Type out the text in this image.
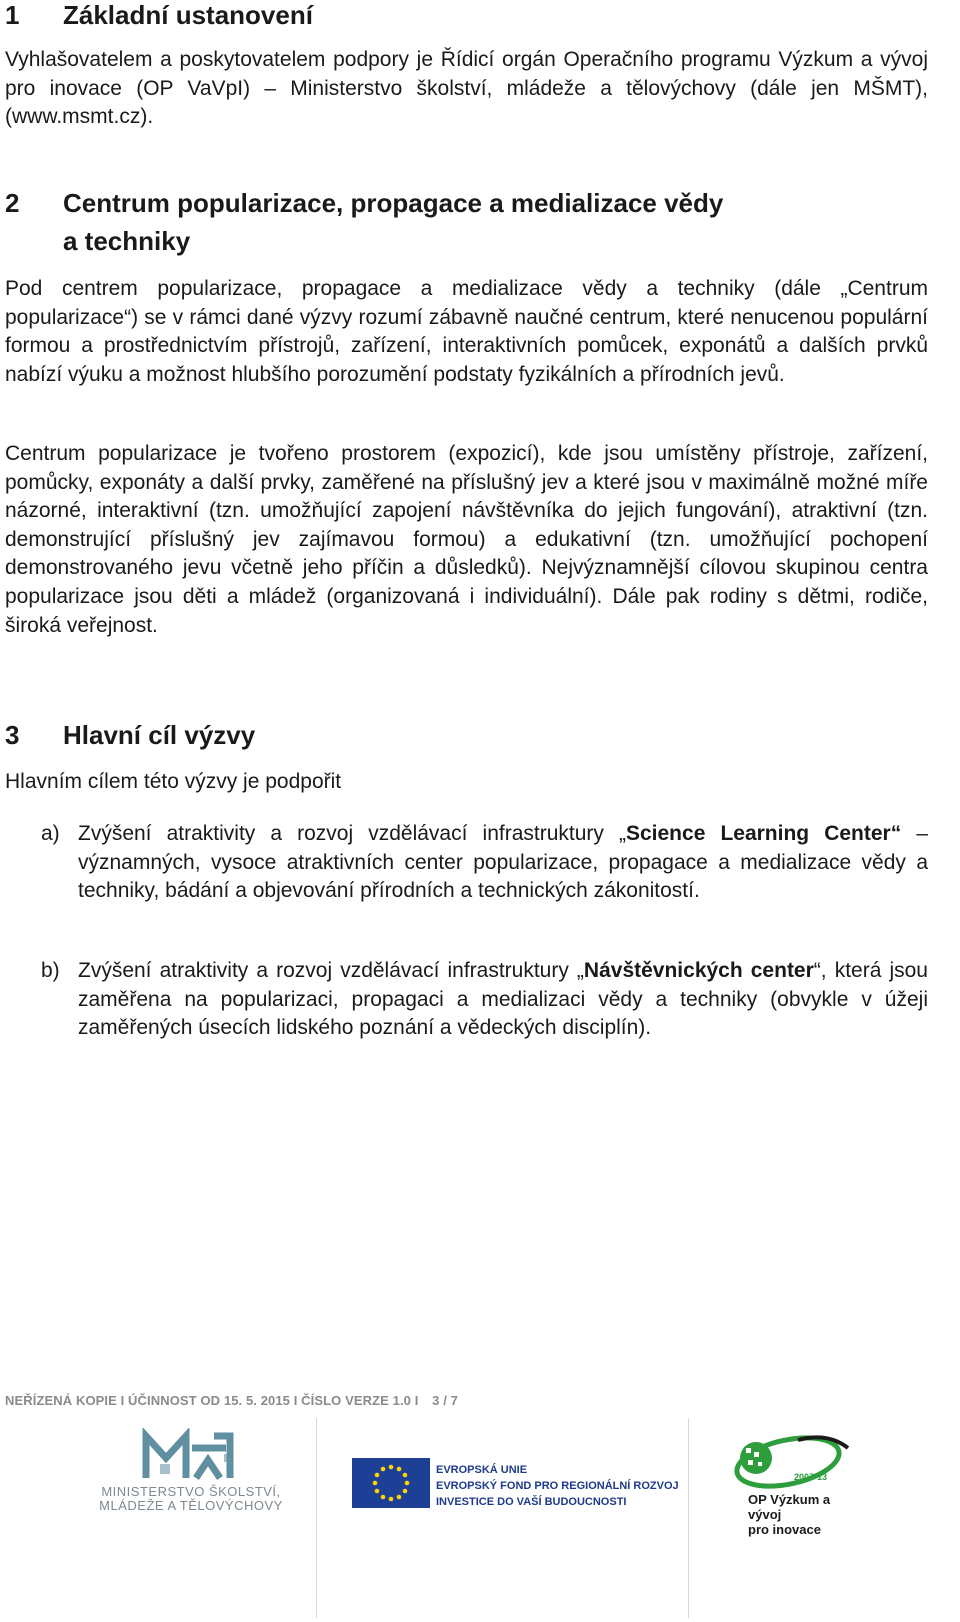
1	Základní ustanovení

Vyhlašovatelem a poskytovatelem podpory je Řídicí orgán Operačního programu Výzkum a vývoj pro inovace (OP VaVpI) – Ministerstvo školství, mládeže a tělovýchovy (dále jen MŠMT), (www.msmt.cz).

2	Centrum popularizace, propagace a medializace vědy
a techniky

Pod centrem popularizace, propagace a medializace vědy a techniky (dále „Centrum popularizace“) se v rámci dané výzvy rozumí zábavně naučné centrum, které nenucenou populární formou a prostřednictvím přístrojů, zařízení, interaktivních pomůcek, exponátů a dalších prvků nabízí výuku a možnost hlubšího porozumění podstaty fyzikálních a přírodních jevů.

Centrum popularizace je tvořeno prostorem (expozicí), kde jsou umístěny přístroje, zařízení, pomůcky, exponáty a další prvky, zaměřené na příslušný jev a které jsou v maximálně možné míře názorné, interaktivní (tzn. umožňující zapojení návštěvníka do jejich fungování), atraktivní (tzn. demonstrující příslušný jev zajímavou formou) a edukativní (tzn. umožňující pochopení demonstrovaného jevu včetně jeho příčin a důsledků). Nejvýznamnější cílovou skupinou centra popularizace jsou děti a mládež (organizovaná i individuální). Dále pak rodiny s dětmi, rodiče, široká veřejnost.

3	Hlavní cíl výzvy

Hlavním cílem této výzvy je podpořit

a) Zvýšení atraktivity a rozvoj vzdělávací infrastruktury „Science Learning Center“ – významných, vysoce atraktivních center popularizace, propagace a medializace vědy a techniky, bádání a objevování přírodních a technických zákonitostí.
b) Zvýšení atraktivity a rozvoj vzdělávací infrastruktury „Návštěvnických center“, která jsou zaměřena na popularizaci, propagaci a medializaci vědy a techniky (obvykle v úžeji zaměřených úsecích lidského poznání a vědeckých disciplín).
NEŘÍZENÁ KOPIE I ÚČINNOST OD 15. 5. 2015 I ČÍSLO VERZE 1.0 I 3 / 7
MINISTERSTVO ŠKOLSTVÍ,
MLÁDEŽE A TĚLOVÝCHOVY
EVROPSKÁ UNIE
EVROPSKÝ FOND PRO REGIONÁLNÍ ROZVOJ
INVESTICE DO VAŠÍ BUDOUCNOSTI
2007-13
OP Výzkum a vývoj
pro inovace
